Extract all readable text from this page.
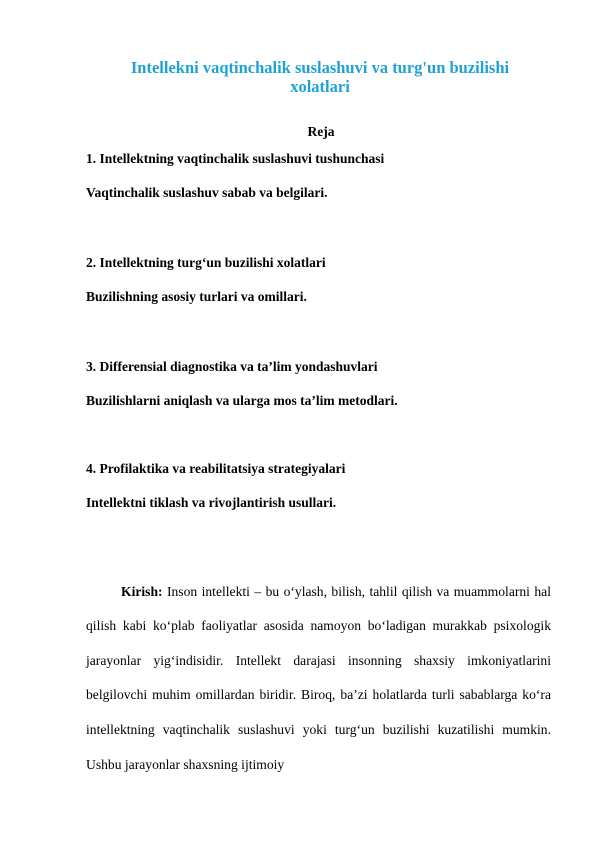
Intellekni vaqtinchalik suslashuvi va turg'un buzilishi xolatlari
Reja
1. Intellektning vaqtinchalik suslashuvi tushunchasi
Vaqtinchalik suslashuv sabab va belgilari.
2. Intellektning turg‘un buzilishi xolatlari
Buzilishning asosiy turlari va omillari.
3. Differensial diagnostika va ta’lim yondashuvlari
Buzilishlarni aniqlash va ularga mos ta’lim metodlari.
4. Profilaktika va reabilitatsiya strategiyalari
Intellektni tiklash va rivojlantirish usullari.

Kirish: Inson intellekti – bu o‘ylash, bilish, tahlil qilish va muammolarni hal qilish kabi ko‘plab faoliyatlar asosida namoyon bo‘ladigan murakkab psixologik jarayonlar yig‘indisidir. Intellekt darajasi insonning shaxsiy imkoniyatlarini belgilovchi muhim omillardan biridir. Biroq, ba’zi holatlarda turli sabablarga ko‘ra intellektning vaqtinchalik suslashuvi yoki turg‘un buzilishi kuzatilishi mumkin. Ushbu jarayonlar shaxsning ijtimoiy
